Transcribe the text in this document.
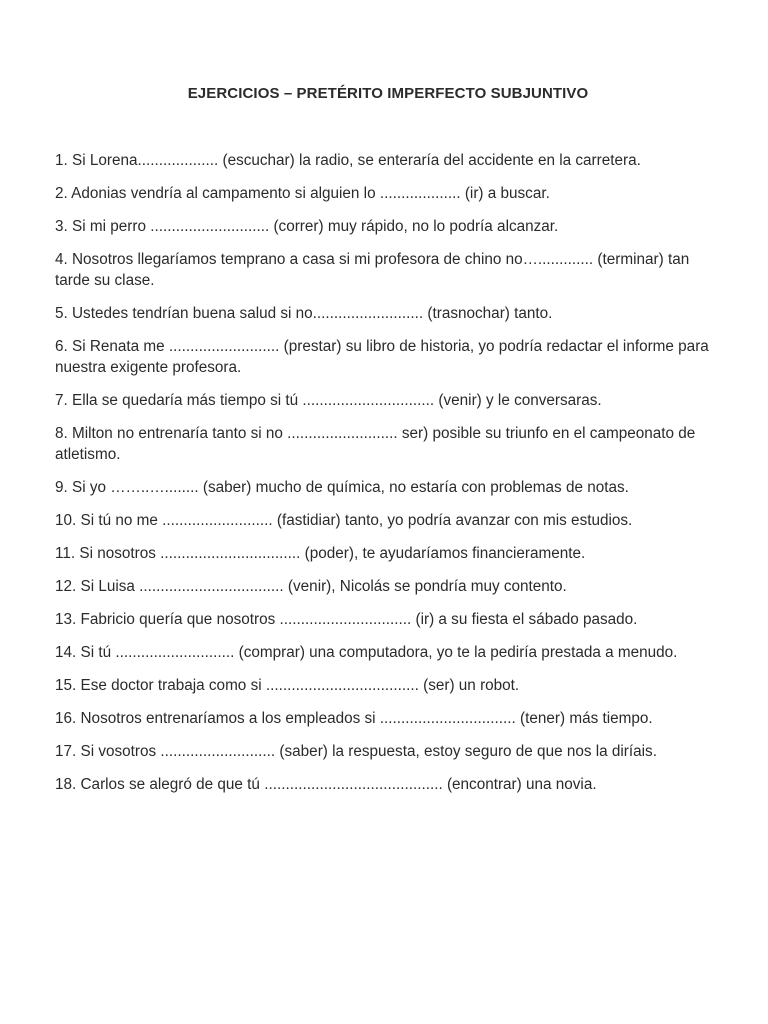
EJERCICIOS – PRETÉRITO IMPERFECTO SUBJUNTIVO
1. Si Lorena................... (escuchar) la radio, se enteraría del accidente en la carretera.
2. Adonias vendría al campamento si alguien lo ................... (ir) a buscar.
3. Si mi perro ............................ (correr) muy rápido, no lo podría alcanzar.
4. Nosotros llegaríamos temprano a casa si mi profesora de chino no…............. (terminar) tan tarde su clase.
5. Ustedes tendrían buena salud si no.......................... (trasnochar) tanto.
6. Si Renata me .......................... (prestar) su libro de historia, yo podría redactar el informe para nuestra exigente profesora.
7. Ella se quedaría más tiempo si tú ............................... (venir) y le conversaras.
8. Milton no entrenaría tanto si no .......................... ser) posible su triunfo en el campeonato de atletismo.
9. Si yo ……..…........ (saber) mucho de química, no estaría con problemas de notas.
10. Si tú no me .......................... (fastidiar) tanto, yo podría avanzar con mis estudios.
11. Si nosotros ................................. (poder), te ayudaríamos financieramente.
12. Si Luisa .................................. (venir), Nicolás se pondría muy contento.
13. Fabricio quería que nosotros ............................... (ir) a su fiesta el sábado pasado.
14. Si tú ............................ (comprar) una computadora, yo te la pediría prestada a menudo.
15. Ese doctor trabaja como si .................................... (ser) un robot.
16. Nosotros entrenaríamos a los empleados si ................................ (tener) más tiempo.
17. Si vosotros ........................... (saber) la respuesta, estoy seguro de que nos la diríais.
18. Carlos se alegró de que tú .......................................... (encontrar) una novia.
